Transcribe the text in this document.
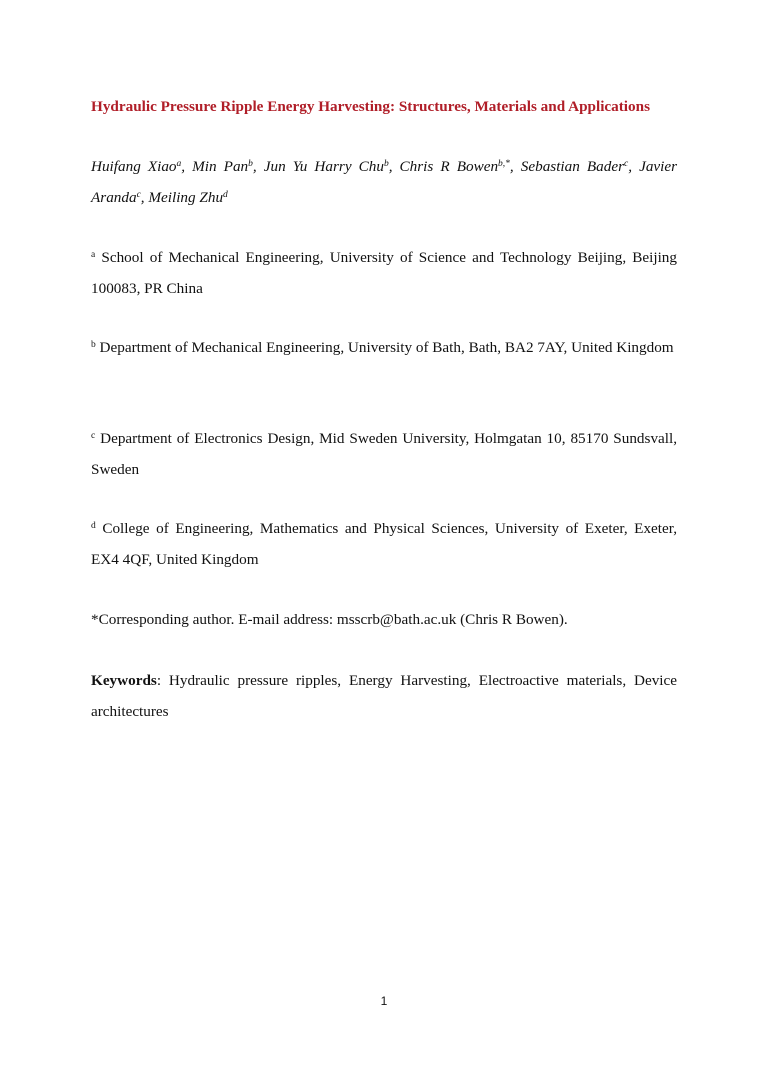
Hydraulic Pressure Ripple Energy Harvesting: Structures, Materials and Applications
Huifang Xiao$^a$, Min Pan$^b$, Jun Yu Harry Chu$^b$, Chris R Bowen$^{b,*}$, Sebastian Bader$^c$, Javier Aranda$^c$, Meiling Zhu$^d$
$^a$ School of Mechanical Engineering, University of Science and Technology Beijing, Beijing 100083, PR China
$^b$ Department of Mechanical Engineering, University of Bath, Bath, BA2 7AY, United Kingdom
$^c$ Department of Electronics Design, Mid Sweden University, Holmgatan 10, 85170 Sundsvall, Sweden
$^d$ College of Engineering, Mathematics and Physical Sciences, University of Exeter, Exeter, EX4 4QF, United Kingdom
*Corresponding author. E-mail address: msscrb@bath.ac.uk (Chris R Bowen).
Keywords: Hydraulic pressure ripples, Energy Harvesting, Electroactive materials, Device architectures
1
